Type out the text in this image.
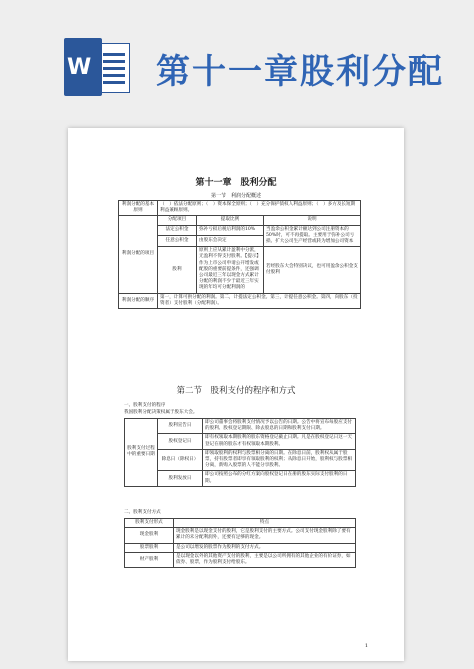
W 第十一章股利分配
第十一章　股利分配
第一节　利润分配概述
利润分配的基本原则	（　）依法分配原则；（　）资本保全原则；（　）充分保护债权人利益原则；（　）多方及长短期利益兼顾原则。		
利润分配的项目	分配项目	提取比例	说明
	法定公积金	弥补亏损后税后利润的10%	当盈余公积金累计额达到公司注册资本的50%时，可不再提取。主要用于弥补公司亏损、扩大公司生产经营或转为增加公司资本
	任意公积金	由股东会决定	
	股利	原则上应从累计盈利中分派，无盈利不得支付股利。【提示】作为上市公司申请公开增发或配股的重要前提条件，还强调公司最近三年以现金方式累计分配的利润不少于最近三年实现的年均可分配利润的	若经股东大会特别决议，也可用盈余公积金支付股利
利润分配的顺序	第一，计算可供分配的利润。第二，计提法定公积金。第三，计提任意公积金。第四，向股东（投资者）支付股利（分配利润）。		
第二节　股利支付的程序和方式
一、股利支付的程序
我国股利分配决策权属于股东大会。
股利支付过程中的重要日期	股利宣告日	即公司董事会将股利支付情况予以公告的日期。公告中将宣布每股应支付的股利、股权登记期限、除去股息的日期和股利支付日期。
	股权登记日	即有权领取本期股利的股东资格登记截止日期。凡是在股权登记日这一天登记在册的股东才有权领取本期股利。
	除息日（除权日）	即领取股利的权利与股票相分离的日期。在除息日前，股利权从属于股票，持有股票者即享有领取股利的权利；从除息日开始，股利权与股票相分离，新购入股票的人不能分享股利。
	股利发放日	即公司按照公布的分红方案向股权登记日在册的股东实际支付股利的日期。
二、股利支付方式
股利支付形式	特点
现金股利	现金股利是以现金支付的股利，它是股利支付的主要方式。公司支付现金股利除了要有累计的未分配利润外，还要有足够的现金。
股票股利	是公司以增发的股票作为股利的支付方式。
财产股利	是以现金以外的其他资产支付的股利，主要是以公司所拥有的其他企业的有价证券，如债券、股票，作为股利支付给股东。
1
